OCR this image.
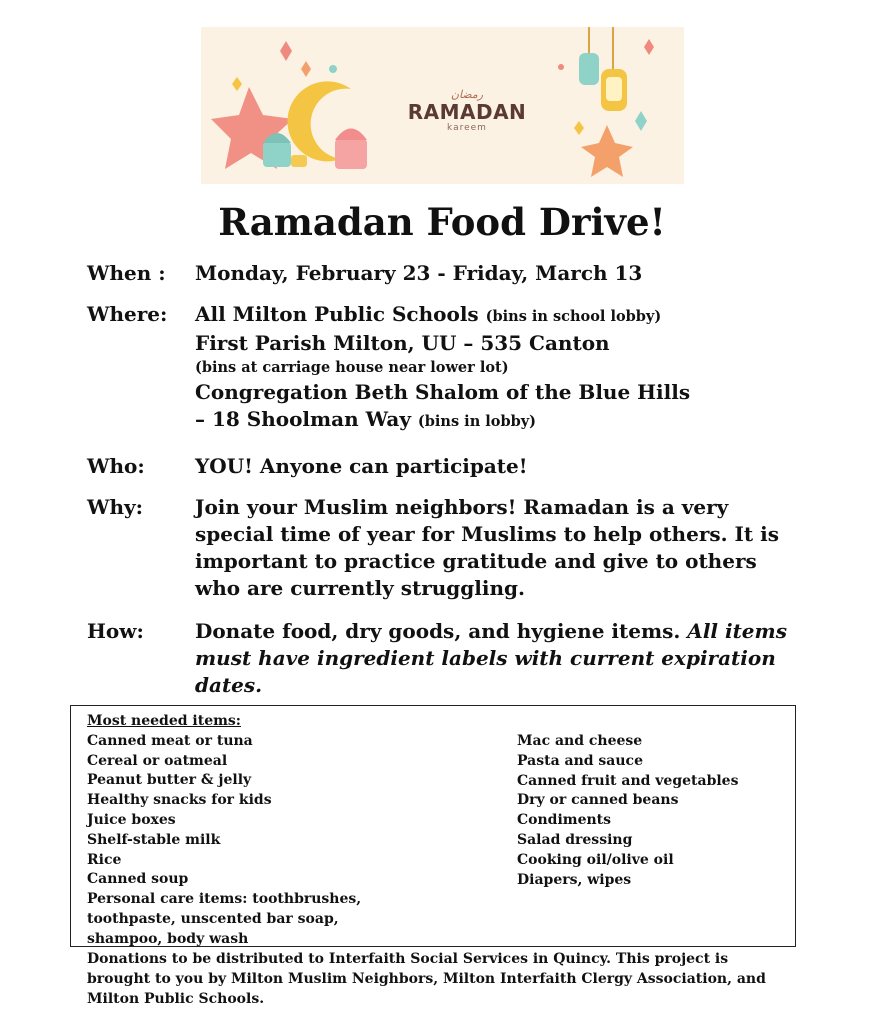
ﺭﻣﻀﺎﻥ
RAMADAN
kareem
Ramadan Food Drive!
When : Monday, February 23 - Friday, March 13
Where: All Milton Public Schools (bins in school lobby)
First Parish Milton, UU – 535 Canton
(bins at carriage house near lower lot)
Congregation Beth Shalom of the Blue Hills
– 18 Shoolman Way (bins in lobby)
Who:	YOU! Anyone can participate!
Why:	Join your Muslim neighbors! Ramadan is a very
special time of year for Muslims to help others. It is
important to practice gratitude and give to others
who are currently struggling.
How:	Donate food, dry goods, and hygiene items. All items
must have ingredient labels with current expiration
dates.
Most needed items:
Canned meat or tuna
Cereal or oatmeal
Peanut butter & jelly
Healthy snacks for kids
Juice boxes
Shelf-stable milk
Rice
Canned soup
Personal care items: toothbrushes,
toothpaste, unscented bar soap,
shampoo, body wash
Mac and cheese
Pasta and sauce
Canned fruit and vegetables
Dry or canned beans
Condiments
Salad dressing
Cooking oil/olive oil
Diapers, wipes
Donations to be distributed to Interfaith Social Services in Quincy. This project is
brought to you by Milton Muslim Neighbors, Milton Interfaith Clergy Association, and
Milton Public Schools.
